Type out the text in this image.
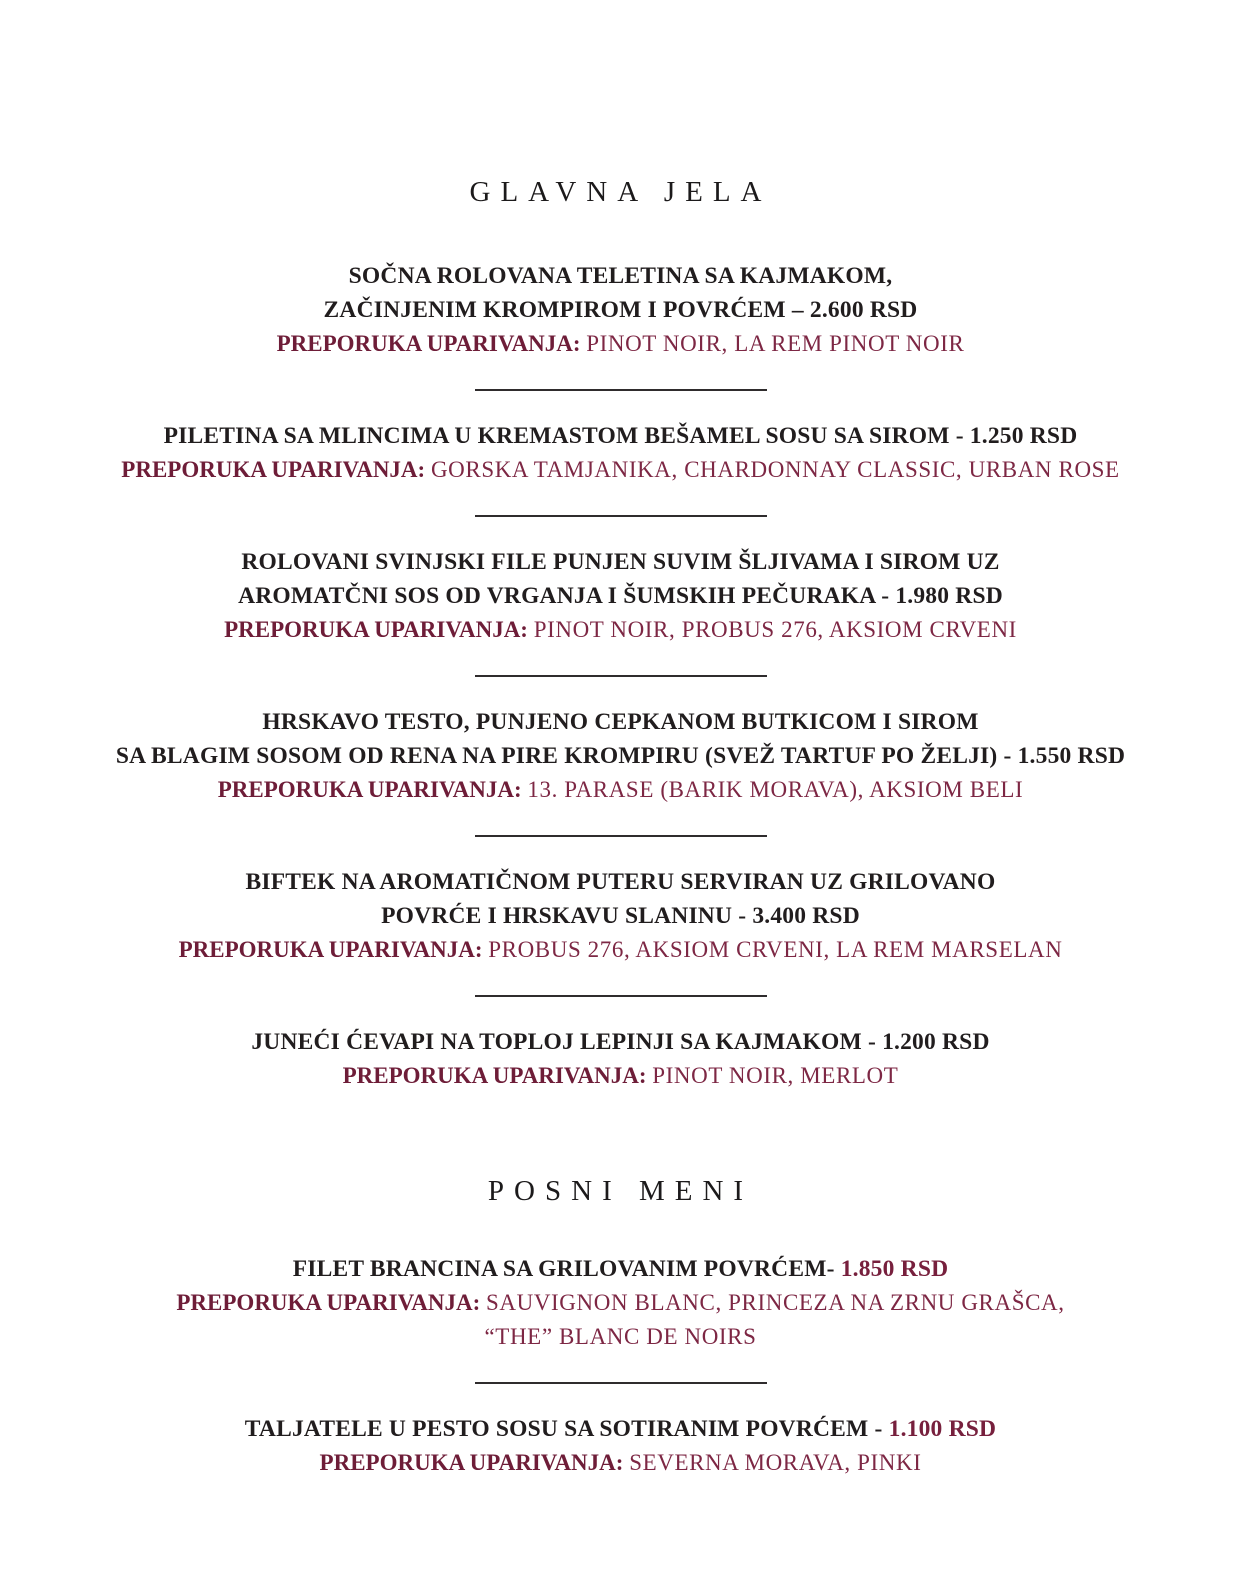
GLAVNA JELA
SOČNA ROLOVANA TELETINA SA KAJMAKOM,
ZAČINJENIM KROMPIROM I POVRĆEM – 2.600 RSD
PREPORUKA UPARIVANJA: PINOT NOIR, LA REM PINOT NOIR
PILETINA SA MLINCIMA U KREMASTOM BEŠAMEL SOSU SA SIROM - 1.250 RSD
PREPORUKA UPARIVANJA: GORSKA TAMJANIKA, CHARDONNAY CLASSIC, URBAN ROSE
ROLOVANI SVINJSKI FILE PUNJEN SUVIM ŠLJIVAMA I SIROM UZ
AROMATČNI SOS OD VRGANJA I ŠUMSKIH PEČURAKA - 1.980 RSD
PREPORUKA UPARIVANJA: PINOT NOIR, PROBUS 276, AKSIOM CRVENI
HRSKAVO TESTO, PUNJENO CEPKANOM BUTKICOM I SIROM
SA BLAGIM SOSOM OD RENA NA PIRE KROMPIRU (SVEŽ TARTUF PO ŽELJI) - 1.550 RSD
PREPORUKA UPARIVANJA: 13. PARASE (BARIK MORAVA), AKSIOM BELI
BIFTEK NA AROMATIČNOM PUTERU SERVIRAN UZ GRILOVANO
POVRĆE I HRSKAVU SLANINU - 3.400 RSD
PREPORUKA UPARIVANJA: PROBUS 276, AKSIOM CRVENI, LA REM MARSELAN
JUNEĆI ĆEVAPI NA TOPLOJ LEPINJI SA KAJMAKOM - 1.200 RSD
PREPORUKA UPARIVANJA: PINOT NOIR, MERLOT
POSNI MENI
FILET BRANCINA SA GRILOVANIM POVRĆEM- 1.850 RSD
PREPORUKA UPARIVANJA: SAUVIGNON BLANC, PRINCEZA NA ZRNU GRAŠCA,
“THE” BLANC DE NOIRS
TALJATELE U PESTO SOSU SA SOTIRANIM POVRĆEM - 1.100 RSD
PREPORUKA UPARIVANJA: SEVERNA MORAVA, PINKI
